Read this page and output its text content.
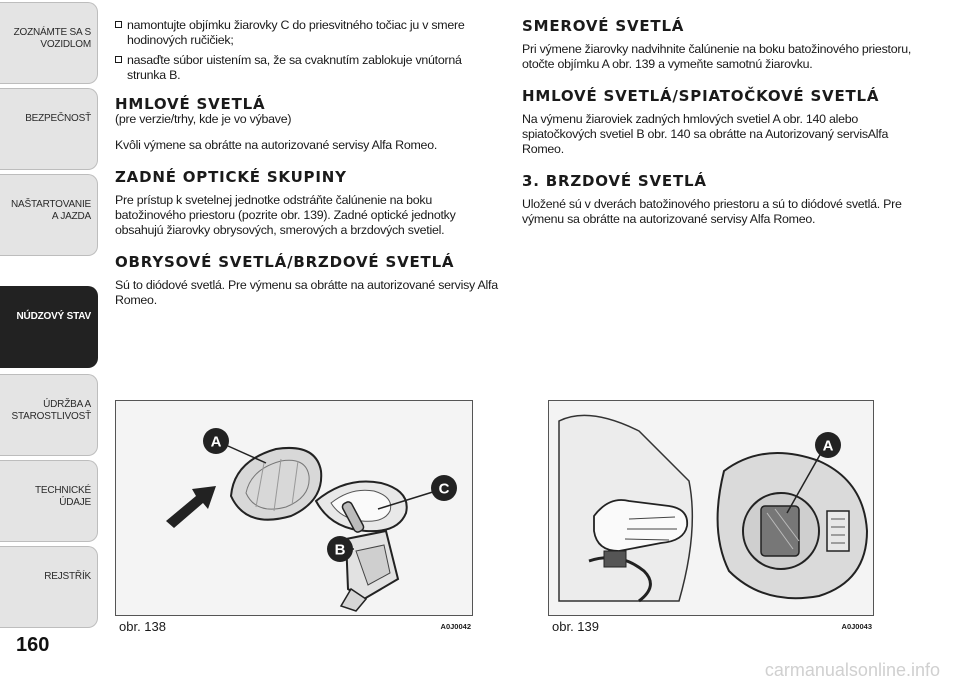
ZOZNÁMTE SA S VOZIDLOM
BEZPEČNOSŤ
NAŠTARTOVANIE A JAZDA
NÚDZOVÝ STAV
ÚDRŽBA A STAROSTLIVOSŤ
TECHNICKÉ ÚDAJE
REJSTŘÍK
160
namontujte objímku žiarovky C do priesvitného točiac ju v smere hodinových ručičiek;
nasaďte súbor uistením sa, že sa cvaknutím zablokuje vnútorná strunka B.
HMLOVÉ SVETLÁ

(pre verzie/trhy, kde je vo výbave)

Kvôli výmene sa obrátte na autorizované servisy Alfa Romeo.

ZADNÉ OPTICKÉ SKUPINY

Pre prístup k svetelnej jednotke odstráňte čalúnenie na boku batožinového priestoru (pozrite obr. 139). Zadné optické jednotky obsahujú žiarovky obrysových, smerových a brzdových svetiel.

OBRYSOVÉ SVETLÁ/BRZDOVÉ SVETLÁ

Sú to diódové svetlá. Pre výmenu sa obrátte na autorizované servisy Alfa Romeo.

SMEROVÉ SVETLÁ

Pri výmene žiarovky nadvihnite čalúnenie na boku batožinového priestoru, otočte objímku A obr. 139 a vymeňte samotnú žiarovku.

HMLOVÉ SVETLÁ/SPIATOČKOVÉ SVETLÁ

Na výmenu žiaroviek zadných hmlových svetiel A obr. 140 alebo spiatočkových svetiel B obr. 140 sa obrátte na Autorizovaný servisAlfa Romeo.

3. BRZDOVÉ SVETLÁ

Uložené sú v dverách batožinového priestoru a sú to diódové svetlá. Pre výmenu sa obrátte na autorizované servisy Alfa Romeo.

A
C
B
obr. 138	A0J0042
A
obr. 139	A0J0043
carmanualsonline.info
